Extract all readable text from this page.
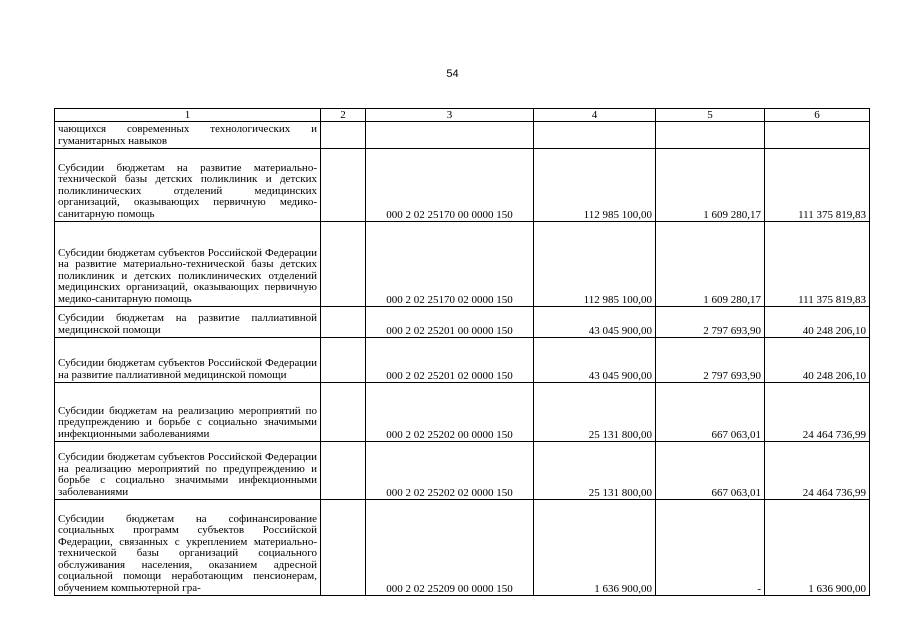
54
1	2	3	4	5	6
чающихся современных технологических и гуманитарных навыков					
Субсидии бюджетам на развитие материально-технической базы детских поликлиник и детских поликлинических отделений медицинских организаций, оказывающих первичную медико-санитарную помощь		000 2 02 25170 00 0000 150	112 985 100,00	1 609 280,17	111 375 819,83
Субсидии бюджетам субъектов Российской Федерации на развитие материально-технической базы детских поликлиник и детских поликлинических отделений медицинских организаций, оказывающих первичную медико-санитарную помощь		000 2 02 25170 02 0000 150	112 985 100,00	1 609 280,17	111 375 819,83
Субсидии бюджетам на развитие паллиативной медицинской помощи		000 2 02 25201 00 0000 150	43 045 900,00	2 797 693,90	40 248 206,10
Субсидии бюджетам субъектов Российской Федерации на развитие паллиативной медицинской помощи		000 2 02 25201 02 0000 150	43 045 900,00	2 797 693,90	40 248 206,10
Субсидии бюджетам на реализацию мероприятий по предупреждению и борьбе с социально значимыми инфекционными заболеваниями		000 2 02 25202 00 0000 150	25 131 800,00	667 063,01	24 464 736,99
Субсидии бюджетам субъектов Российской Федерации на реализацию мероприятий по предупреждению и борьбе с социально значимыми инфекционными заболеваниями		000 2 02 25202 02 0000 150	25 131 800,00	667 063,01	24 464 736,99
Субсидии бюджетам на софинансирование социальных программ субъектов Российской Федерации, связанных с укреплением материально-технической базы организаций социального обслуживания населения, оказанием адресной социальной помощи неработающим пенсионерам, обучением компьютерной гра-		000 2 02 25209 00 0000 150	1 636 900,00	-	1 636 900,00
